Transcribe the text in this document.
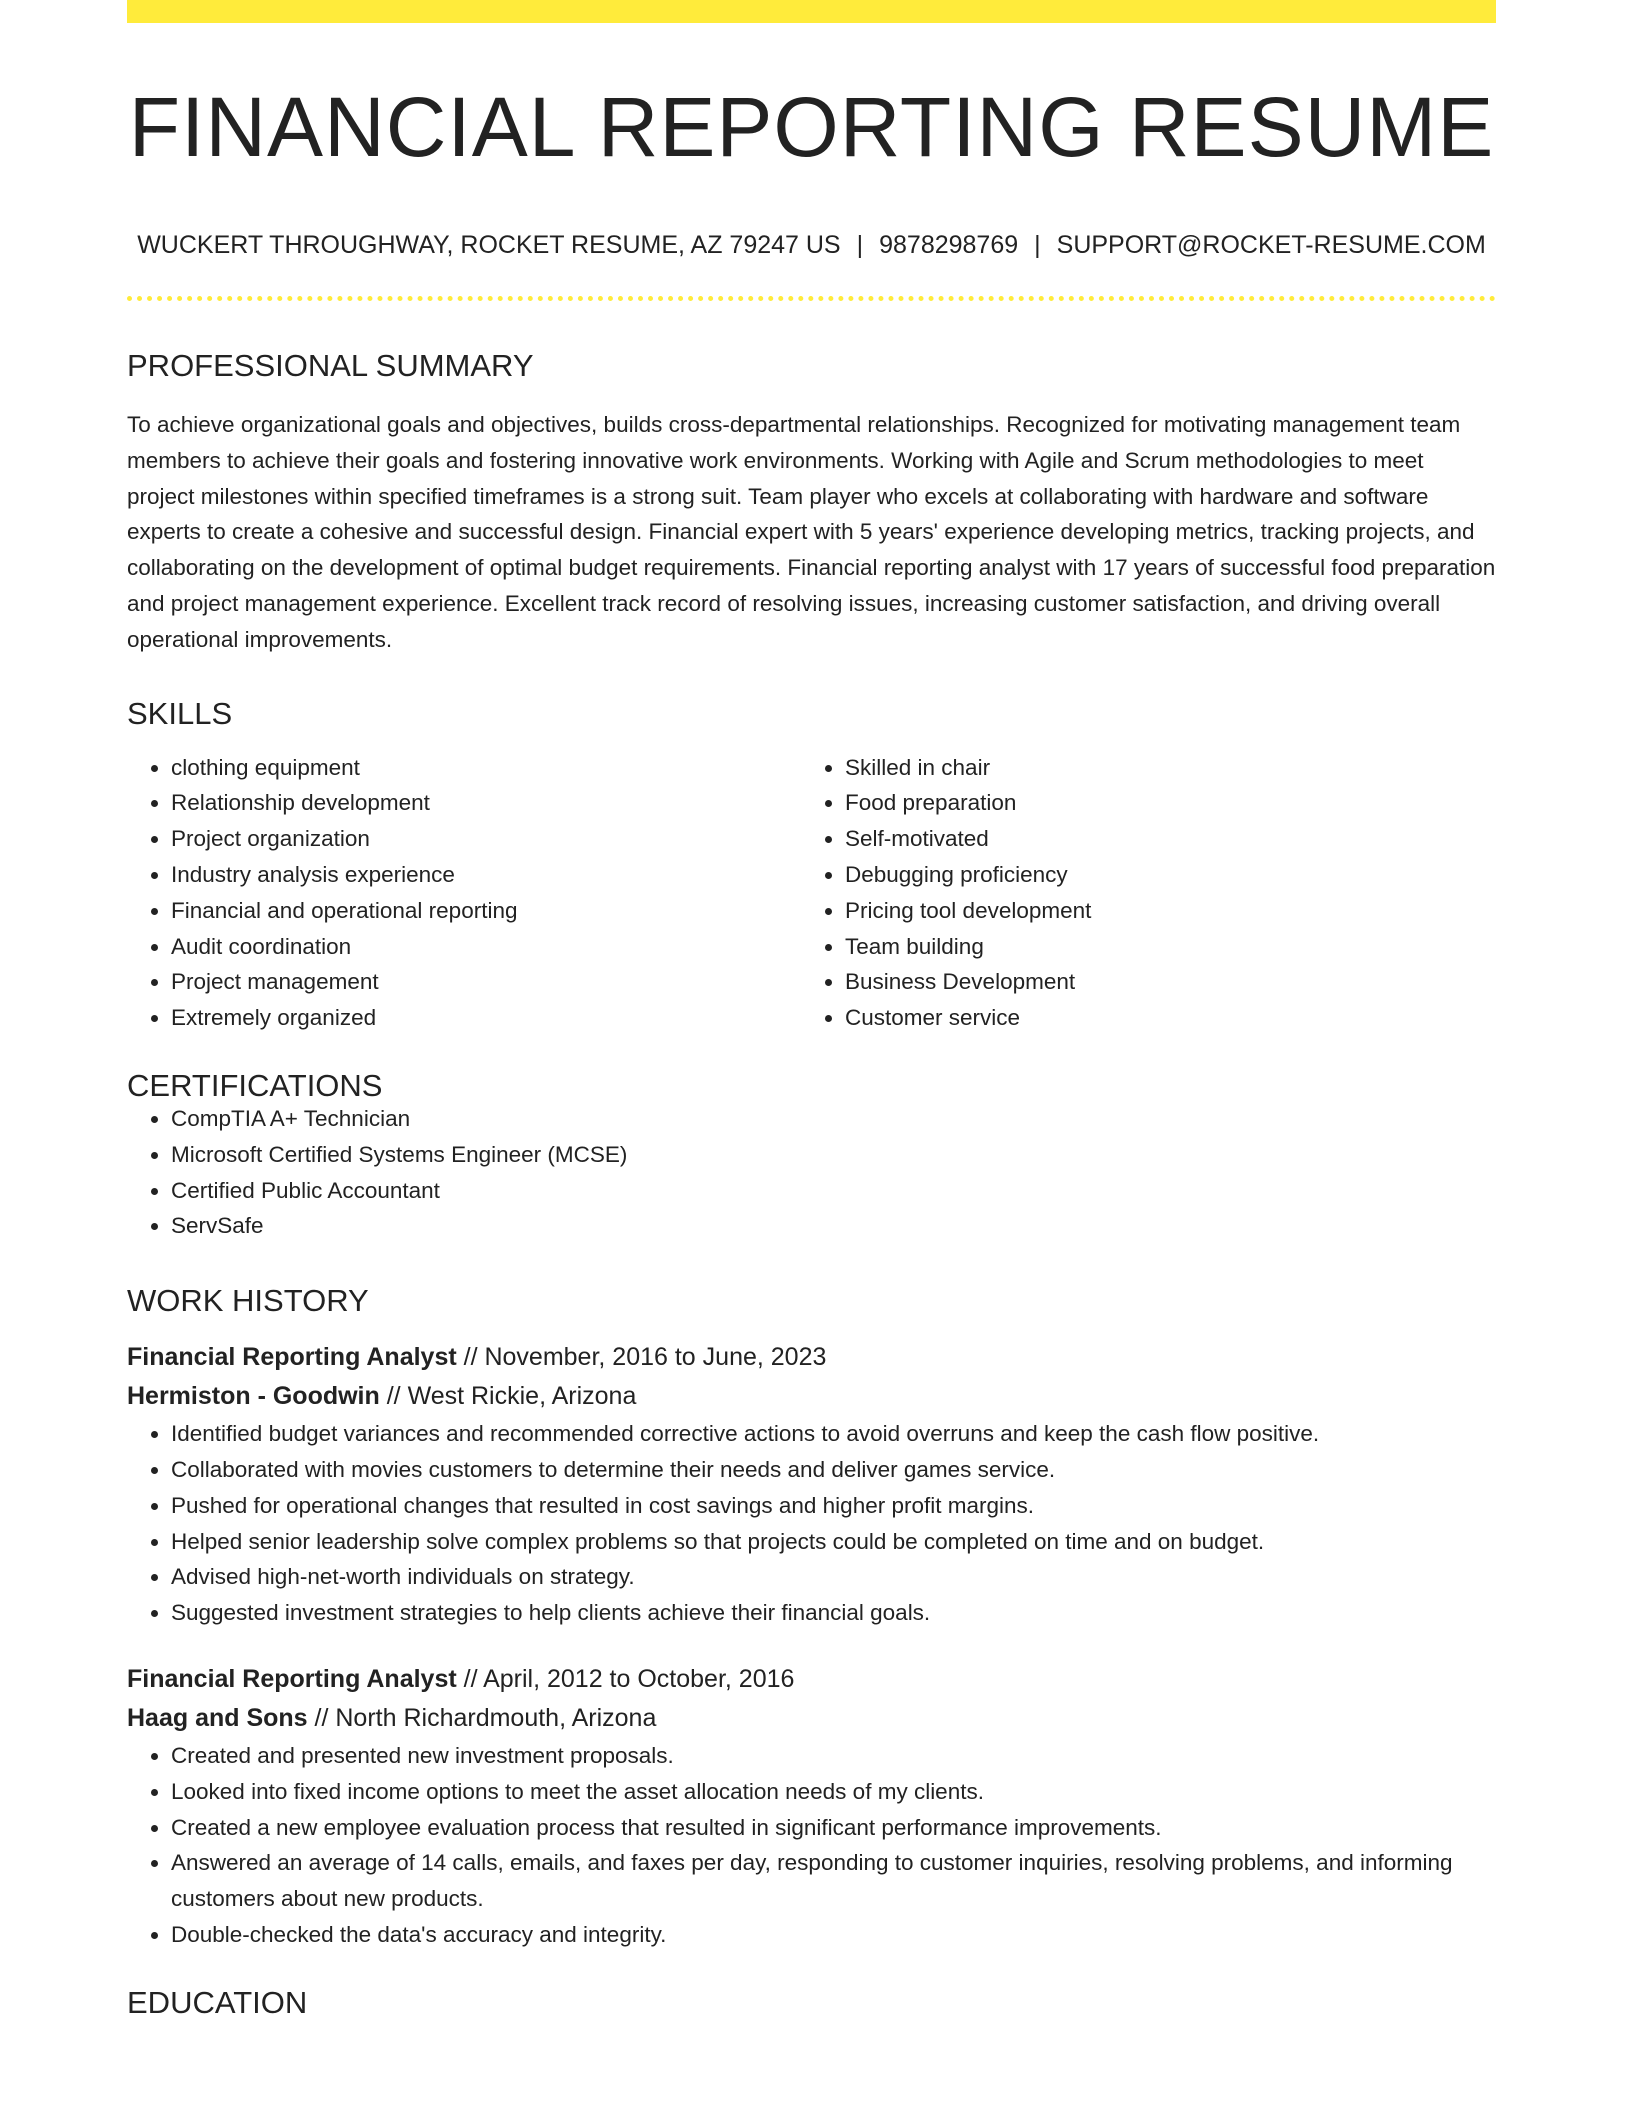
FINANCIAL REPORTING RESUME
WUCKERT THROUGHWAY, ROCKET RESUME, AZ 79247 US | 9878298769 | SUPPORT@ROCKET-RESUME.COM
PROFESSIONAL SUMMARY

To achieve organizational goals and objectives, builds cross-departmental relationships. Recognized for motivating management team members to achieve their goals and fostering innovative work environments. Working with Agile and Scrum methodologies to meet project milestones within specified timeframes is a strong suit. Team player who excels at collaborating with hardware and software experts to create a cohesive and successful design. Financial expert with 5 years' experience developing metrics, tracking projects, and collaborating on the development of optimal budget requirements. Financial reporting analyst with 17 years of successful food preparation and project management experience. Excellent track record of resolving issues, increasing customer satisfaction, and driving overall operational improvements.

SKILLS
• clothing equipment
• Relationship development
• Project organization
• Industry analysis experience
• Financial and operational reporting
• Audit coordination
• Project management
• Extremely organized
• Skilled in chair
• Food preparation
• Self-motivated
• Debugging proficiency
• Pricing tool development
• Team building
• Business Development
• Customer service
CERTIFICATIONS
• CompTIA A+ Technician
• Microsoft Certified Systems Engineer (MCSE)
• Certified Public Accountant
• ServSafe
WORK HISTORY
Financial Reporting Analyst // November, 2016 to June, 2023
Hermiston - Goodwin // West Rickie, Arizona
• Identified budget variances and recommended corrective actions to avoid overruns and keep the cash flow positive.
• Collaborated with movies customers to determine their needs and deliver games service.
• Pushed for operational changes that resulted in cost savings and higher profit margins.
• Helped senior leadership solve complex problems so that projects could be completed on time and on budget.
• Advised high-net-worth individuals on strategy.
• Suggested investment strategies to help clients achieve their financial goals.
Financial Reporting Analyst // April, 2012 to October, 2016
Haag and Sons // North Richardmouth, Arizona
• Created and presented new investment proposals.
• Looked into fixed income options to meet the asset allocation needs of my clients.
• Created a new employee evaluation process that resulted in significant performance improvements.
• Answered an average of 14 calls, emails, and faxes per day, responding to customer inquiries, resolving problems, and informing customers about new products.
• Double-checked the data's accuracy and integrity.
EDUCATION
